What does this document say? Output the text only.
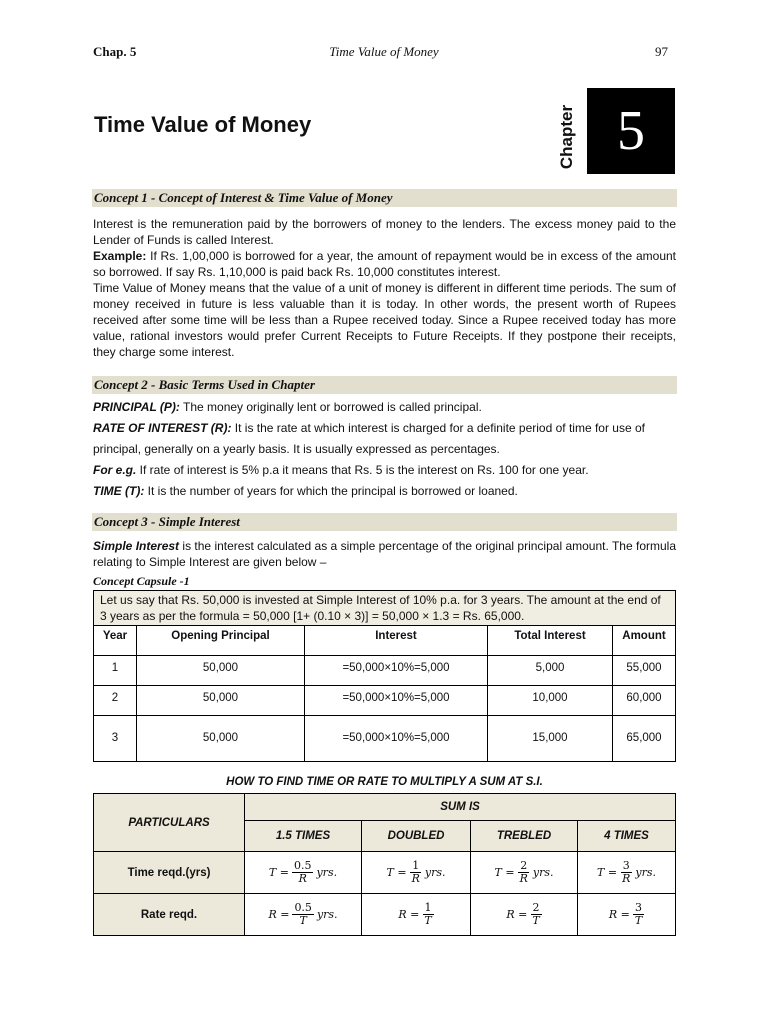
Chap. 5	Time Value of Money	97
Time Value of Money	Chapter 5
Concept 1 - Concept of Interest & Time Value of Money

Interest is the remuneration paid by the borrowers of money to the lenders. The excess money paid to the Lender of Funds is called Interest.

Example: If Rs. 1,00,000 is borrowed for a year, the amount of repayment would be in excess of the amount so borrowed. If say Rs. 1,10,000 is paid back Rs. 10,000 constitutes interest.

Time Value of Money means that the value of a unit of money is different in different time periods. The sum of money received in future is less valuable than it is today. In other words, the present worth of Rupees received after some time will be less than a Rupee received today. Since a Rupee received today has more value, rational investors would prefer Current Receipts to Future Receipts. If they postpone their receipts, they charge some interest.

Concept 2 - Basic Terms Used in Chapter

PRINCIPAL (P): The money originally lent or borrowed is called principal.

RATE OF INTEREST (R): It is the rate at which interest is charged for a definite period of time for use of principal, generally on a yearly basis. It is usually expressed as percentages.

For e.g. If rate of interest is 5% p.a it means that Rs. 5 is the interest on Rs. 100 for one year.

TIME (T): It is the number of years for which the principal is borrowed or loaned.

Concept 3 - Simple Interest

Simple Interest is the interest calculated as a simple percentage of the original principal amount. The formula relating to Simple Interest are given below –

Concept Capsule -1
Let us say that Rs. 50,000 is invested at Simple Interest of 10% p.a. for 3 years. The amount at the end of 3 years as per the formula = 50,000 [1+ (0.10 × 3)] = 50,000 × 1.3 = Rs. 65,000.				
Year	Opening Principal	Interest	Total Interest	Amount
1	50,000	=50,000×10%=5,000	5,000	55,000
2	50,000	=50,000×10%=5,000	10,000	60,000
3	50,000	=50,000×10%=5,000	15,000	65,000
HOW TO FIND TIME OR RATE TO MULTIPLY A SUM AT S.I.
PARTICULARS	SUM IS			
	1.5 TIMES	DOUBLED	TREBLED	4 TIMES
Time reqd.(yrs)	$T = \frac{0.5}{R}$ yrs.	$T = \frac{1}{R}$ yrs.	$T = \frac{2}{R}$ yrs.	$T = \frac{3}{R}$ yrs.

Rate reqd.	$R = \frac{0.5}{T}$ yrs.	$R = \frac{1}{T}$	$R = \frac{2}{T}$	$R = \frac{3}{T}$
